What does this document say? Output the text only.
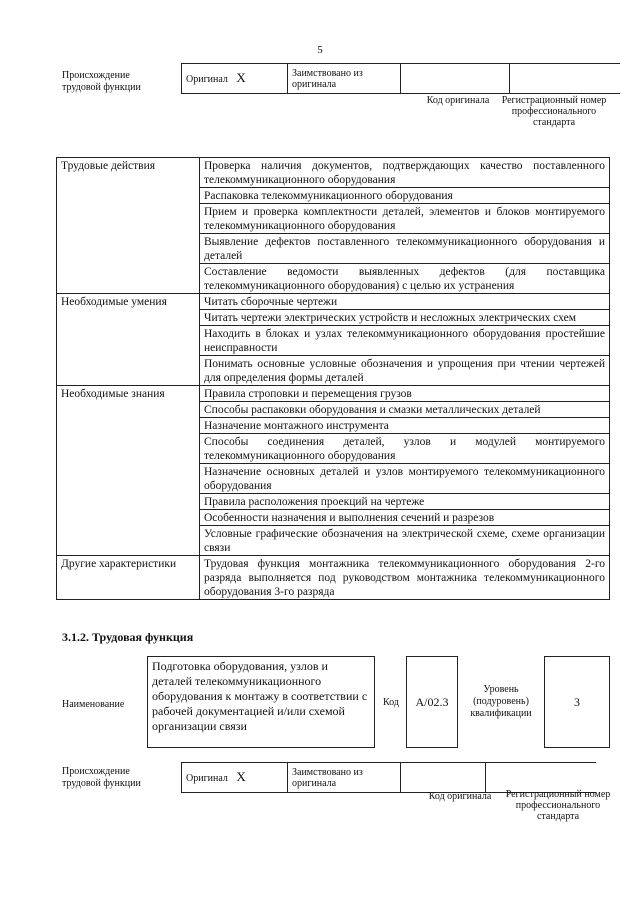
5
Происхождение трудовой функции
Оригинал X	Заимствовано из оригинала		
Код оригинала	Регистрационный номер профессионального стандарта
Трудовые действия	Проверка наличия документов, подтверждающих качество поставленного телекоммуникационного оборудования
	Распаковка телекоммуникационного оборудования
	Прием и проверка комплектности деталей, элементов и блоков монтируемого телекоммуникационного оборудования
	Выявление дефектов поставленного телекоммуникационного оборудования и деталей
	Составление ведомости выявленных дефектов (для поставщика телекоммуникационного оборудования) с целью их устранения
Необходимые умения	Читать сборочные чертежи
	Читать чертежи электрических устройств и несложных электрических схем
	Находить в блоках и узлах телекоммуникационного оборудования простейшие неисправности
	Понимать основные условные обозначения и упрощения при чтении чертежей для определения формы деталей
Необходимые знания	Правила строповки и перемещения грузов
	Способы распаковки оборудования и смазки металлических деталей
	Назначение монтажного инструмента
	Способы соединения деталей, узлов и модулей монтируемого телекоммуникационного оборудования
	Назначение основных деталей и узлов монтируемого телекоммуникационного оборудования
	Правила расположения проекций на чертеже
	Особенности назначения и выполнения сечений и разрезов
	Условные графические обозначения на электрической схеме, схеме организации связи
Другие характеристики	Трудовая функция монтажника телекоммуникационного оборудования 2-го разряда выполняется под руководством монтажника телекоммуникационного оборудования 3-го разряда
3.1.2. Трудовая функция
Наименование
Подготовка оборудования, узлов и деталей телекоммуникационного оборудования к монтажу в соответствии с рабочей документацией и/или схемой организации связи
Код	A/02.3
Уровень (подуровень) квалификации
3
Происхождение трудовой функции	Оригинал X	Заимствовано из оригинала		
Код оригинала	Регистрационный номер профессионального стандарта
